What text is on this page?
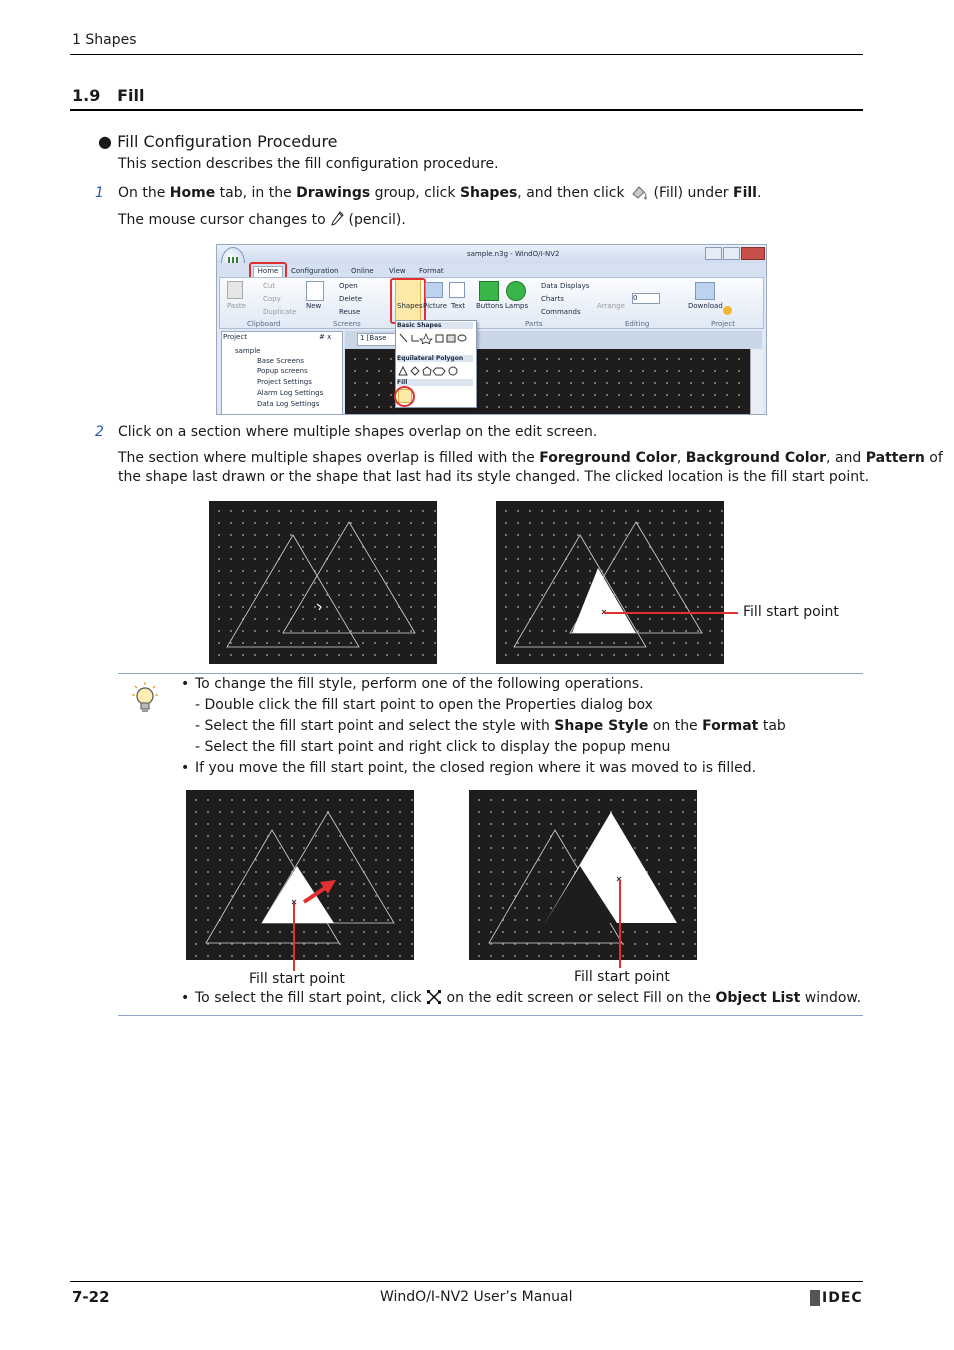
1 Shapes
1.9 Fill
● Fill Configuration Procedure
This section describes the fill configuration procedure.
1 On the Home tab, in the Drawings group, click Shapes, and then click  (Fill) under Fill.
The mouse cursor changes to  (pencil).
sample.n3g - WindO/I-NV2
Home	Configuration Online View Format
Paste
Cut
Copy
Duplicate
Clipboard
New
Open
Delete
Reuse
Screens
Shapes Picture Text Buttons Lamps
Data Displays
Charts
Commands
Parts
Arrange
0
Editing
Download
Project
Project	# x
sample
Base Screens
Popup screens
Project Settings
Alarm Log Settings
Data Log Settings
1 [Base
Basic Shapes
Equilateral Polygon
Fill
2 Click on a section where multiple shapes overlap on the edit screen.
The section where multiple shapes overlap is filled with the Foreground Color, Background Color, and Pattern of
the shape last drawn or the shape that last had its style changed. The clicked location is the fill start point.
Fill start point
• To change the fill style, perform one of the following operations.
- Double click the fill start point to open the Properties dialog box
- Select the fill start point and select the style with Shape Style on the Format tab
- Select the fill start point and right click to display the popup menu
• If you move the fill start point, the closed region where it was moved to is filled.
Fill start point	Fill start point
• To select the fill start point, click  on the edit screen or select Fill on the Object List window.
7-22	WindO/I-NV2 User’s Manual	IDEC
